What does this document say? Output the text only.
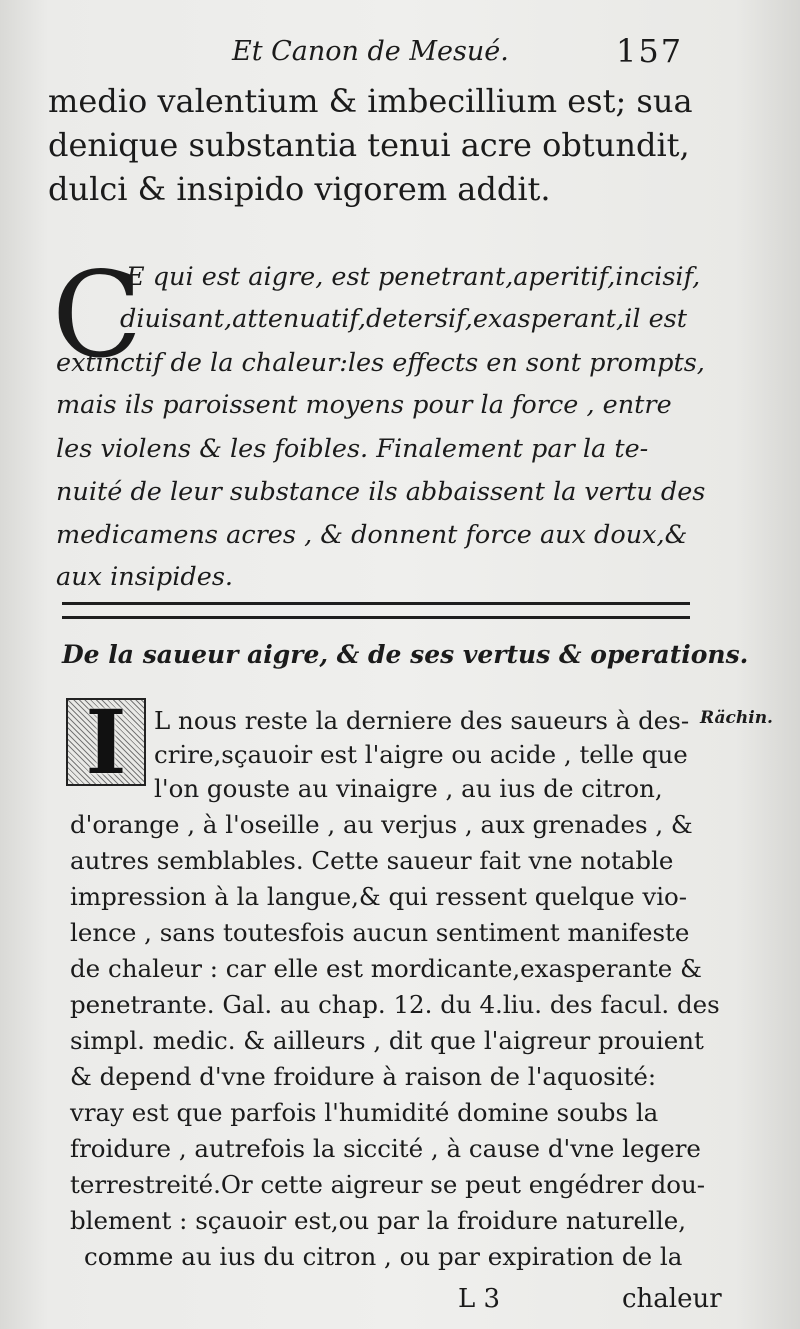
Et Canon de Mesué.	157
medio valentium & imbecillium est; sua
denique substantia tenui acre obtundit,
dulci & insipido vigorem addit.
C
E qui est aigre, est penetrant,aperitif,incisif,
diuisant,attenuatif,detersif,exasperant,il est
extinctif de la chaleur:les effects en sont prompts,
mais ils paroissent moyens pour la force , entre
les violens & les foibles. Finalement par la te-
nuité de leur substance ils abbaissent la vertu des
medicamens acres , & donnent force aux doux,&
aux insipides.
De la saueur aigre, & de ses vertus & operations.
I	Rächin.
L nous reste la derniere des saueurs à des-
crire,sçauoir est l'aigre ou acide , telle que
l'on gouste au vinaigre , au ius de citron,
d'orange , à l'oseille , au verjus , aux grenades , &
autres semblables. Cette saueur fait vne notable
impression à la langue,& qui ressent quelque vio-
lence , sans toutesfois aucun sentiment manifeste
de chaleur : car elle est mordicante,exasperante &
penetrante. Gal. au chap. 12. du 4.liu. des facul. des
simpl. medic. & ailleurs , dit que l'aigreur prouient
& depend d'vne froidure à raison de l'aquosité:
vray est que parfois l'humidité domine soubs la
froidure , autrefois la siccité , à cause d'vne legere
terrestreité.Or cette aigreur se peut engédrer dou-
blement : sçauoir est,ou par la froidure naturelle,
comme au ius du citron , ou par expiration de la
L 3	chaleur
